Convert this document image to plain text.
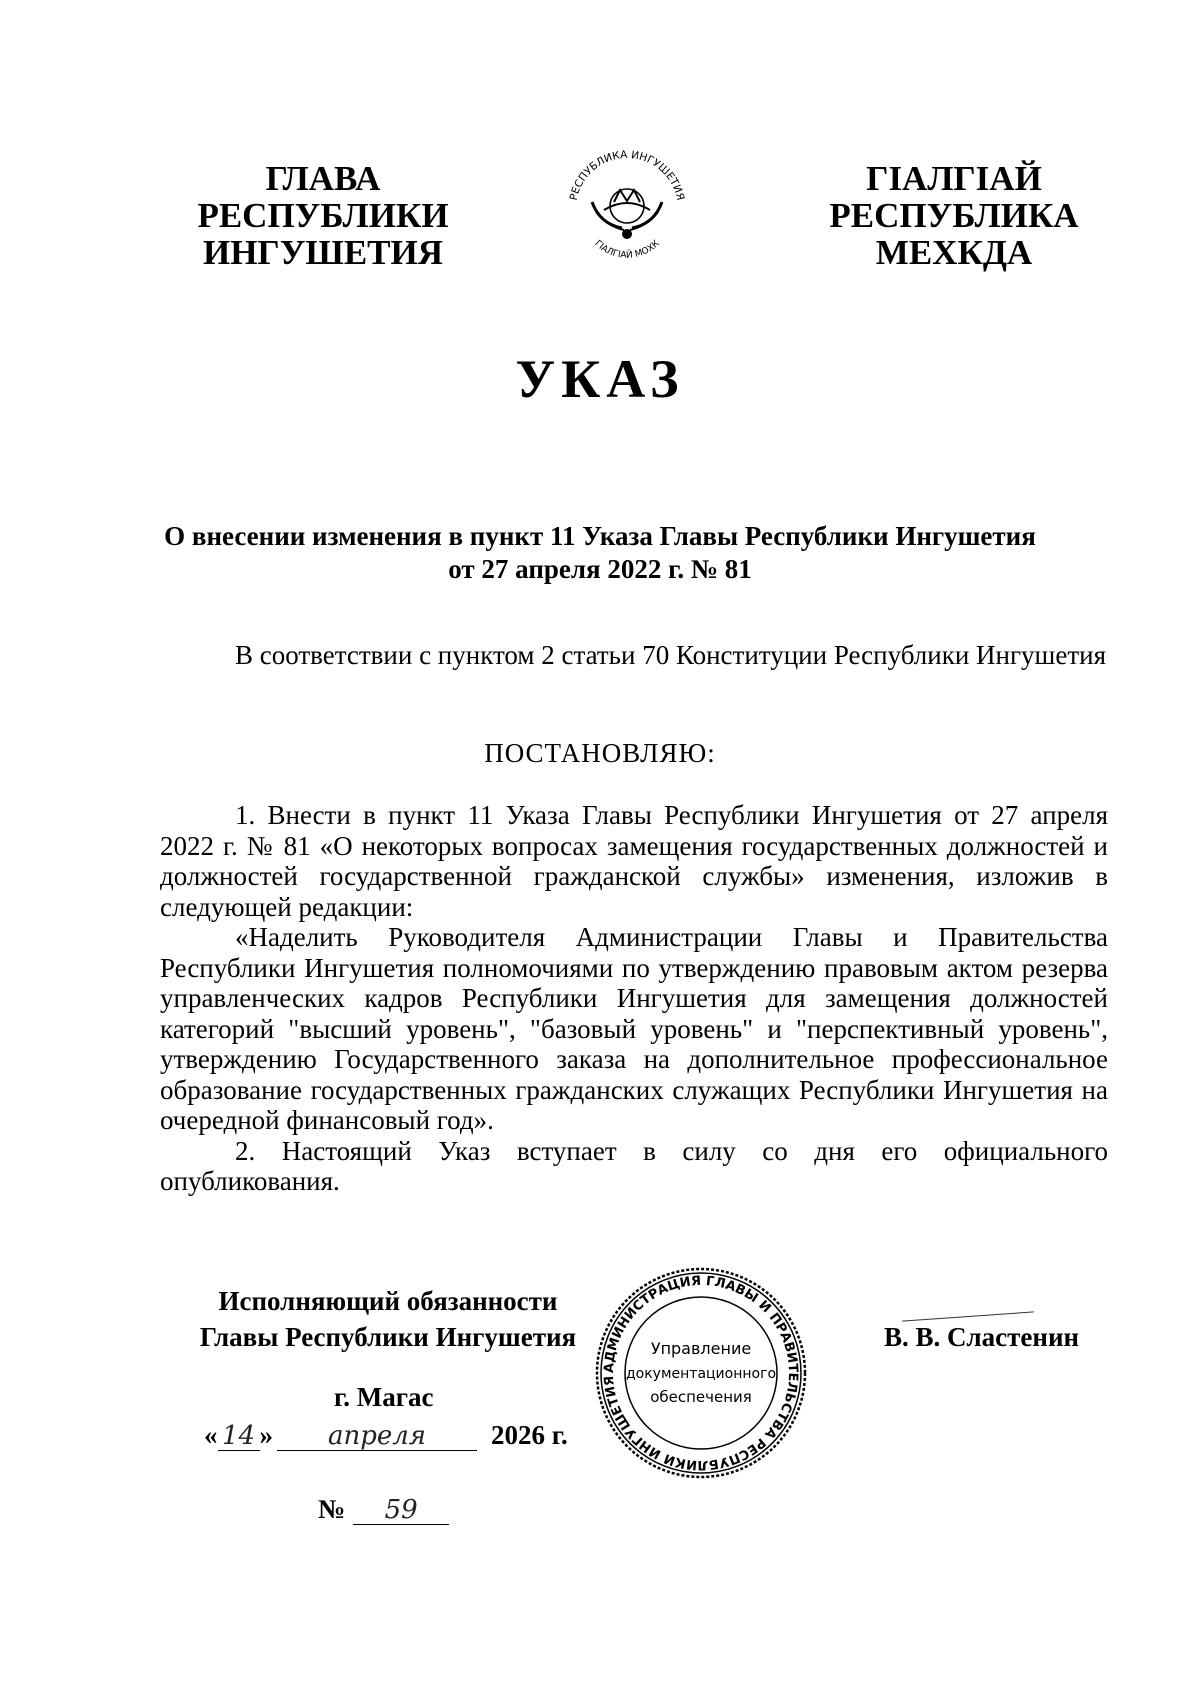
ГЛАВА
РЕСПУБЛИКИ
ИНГУШЕТИЯ
РЕСПУБЛИКА ИНГУШЕТИЯ
ГIАЛГIАЙ МОХК
ГIАЛГIАЙ
РЕСПУБЛИКА
МЕХКДА
УКАЗ
О внесении изменения в пункт 11 Указа Главы Республики Ингушетия
от 27 апреля 2022 г. № 81

В соответствии с пунктом 2 статьи 70 Конституции Республики Ингушетия

ПОСТАНОВЛЯЮ:

1. Внести в пункт 11 Указа Главы Республики Ингушетия от 27 апреля 2022 г. № 81 «О некоторых вопросах замещения государственных должностей и должностей государственной гражданской службы» изменения, изложив в следующей редакции:

«Наделить Руководителя Администрации Главы и Правительства Республики Ингушетия полномочиями по утверждению правовым актом резерва управленческих кадров Республики Ингушетия для замещения должностей категорий "высший уровень", "базовый уровень" и "перспективный уровень", утверждению Государственного заказа на дополнительное профессиональное образование государственных гражданских служащих Республики Ингушетия на очередной финансовый год».

2. Настоящий Указ вступает в силу со дня его официального опубликования.

Исполняющий обязанности
Главы Республики Ингушетия
г. Магас
« 14 »	апреля	2026 г.
№	59
АДМИНИСТРАЦИЯ ГЛАВЫ И ПРАВИТЕЛЬСТВА РЕСПУБЛИКИ ИНГУШЕТИЯ
Управление
документационного
обеспечения
В. В. Сластенин
